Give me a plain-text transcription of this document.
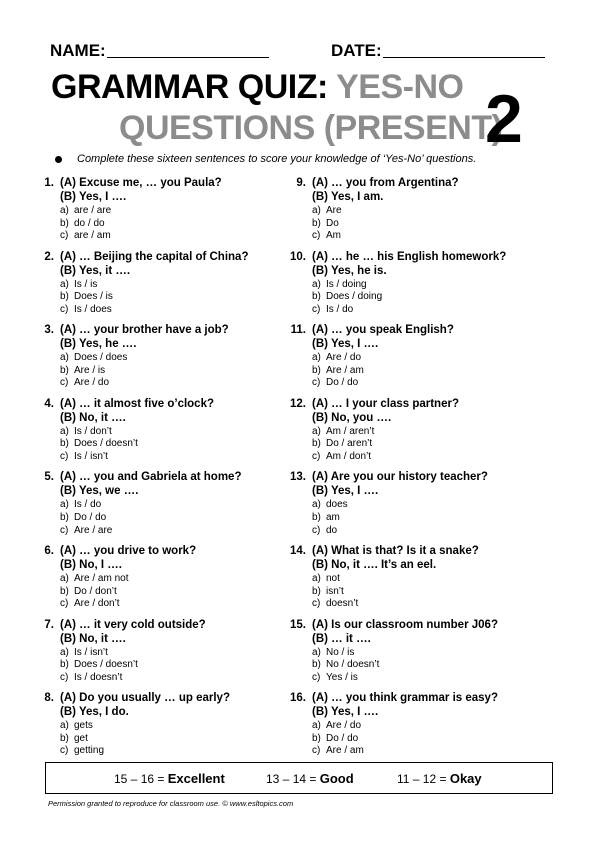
NAME:	DATE:
GRAMMAR QUIZ: YES-NO
QUESTIONS (PRESENT)
2
Complete these sixteen sentences to score your knowledge of ‘Yes-No’ questions.
1. (A) Excuse me, … you Paula?
(B) Yes, I ….
a) are / are
b) do / do
c) are / am
2. (A) … Beijing the capital of China?
(B) Yes, it ….
a) Is / is
b) Does / is
c) Is / does
3. (A) … your brother have a job?
(B) Yes, he ….
a) Does / does
b) Are / is
c) Are / do
4. (A) … it almost five o’clock?
(B) No, it ….
a) Is / don’t
b) Does / doesn’t
c) Is / isn’t
5. (A) … you and Gabriela at home?
(B) Yes, we ….
a) Is / do
b) Do / do
c) Are / are
6. (A) … you drive to work?
(B) No, I ….
a) Are / am not
b) Do / don’t
c) Are / don’t
7. (A) … it very cold outside?
(B) No, it ….
a) Is / isn’t
b) Does / doesn’t
c) Is / doesn’t
8. (A) Do you usually … up early?
(B) Yes, I do.
a) gets
b) get
c) getting
9. (A) … you from Argentina?
(B) Yes, I am.
a) Are
b) Do
c) Am
10. (A) … he … his English homework?
(B) Yes, he is.
a) Is / doing
b) Does / doing
c) Is / do
11. (A) … you speak English?
(B) Yes, I ….
a) Are / do
b) Are / am
c) Do / do
12. (A) … I your class partner?
(B) No, you ….
a) Am / aren’t
b) Do / aren’t
c) Am / don’t
13. (A) Are you our history teacher?
(B) Yes, I ….
a) does
b) am
c) do
14. (A) What is that? Is it a snake?
(B) No, it …. It’s an eel.
a) not
b) isn’t
c) doesn’t
15. (A) Is our classroom number J06?
(B) … it ….
a) No / is
b) No / doesn’t
c) Yes / is
16. (A) … you think grammar is easy?
(B) Yes, I ….
a) Are / do
b) Do / do
c) Are / am
15 – 16 = Excellent	13 – 14 = Good	11 – 12 = Okay
Permission granted to reproduce for classroom use. © www.esltopics.com
